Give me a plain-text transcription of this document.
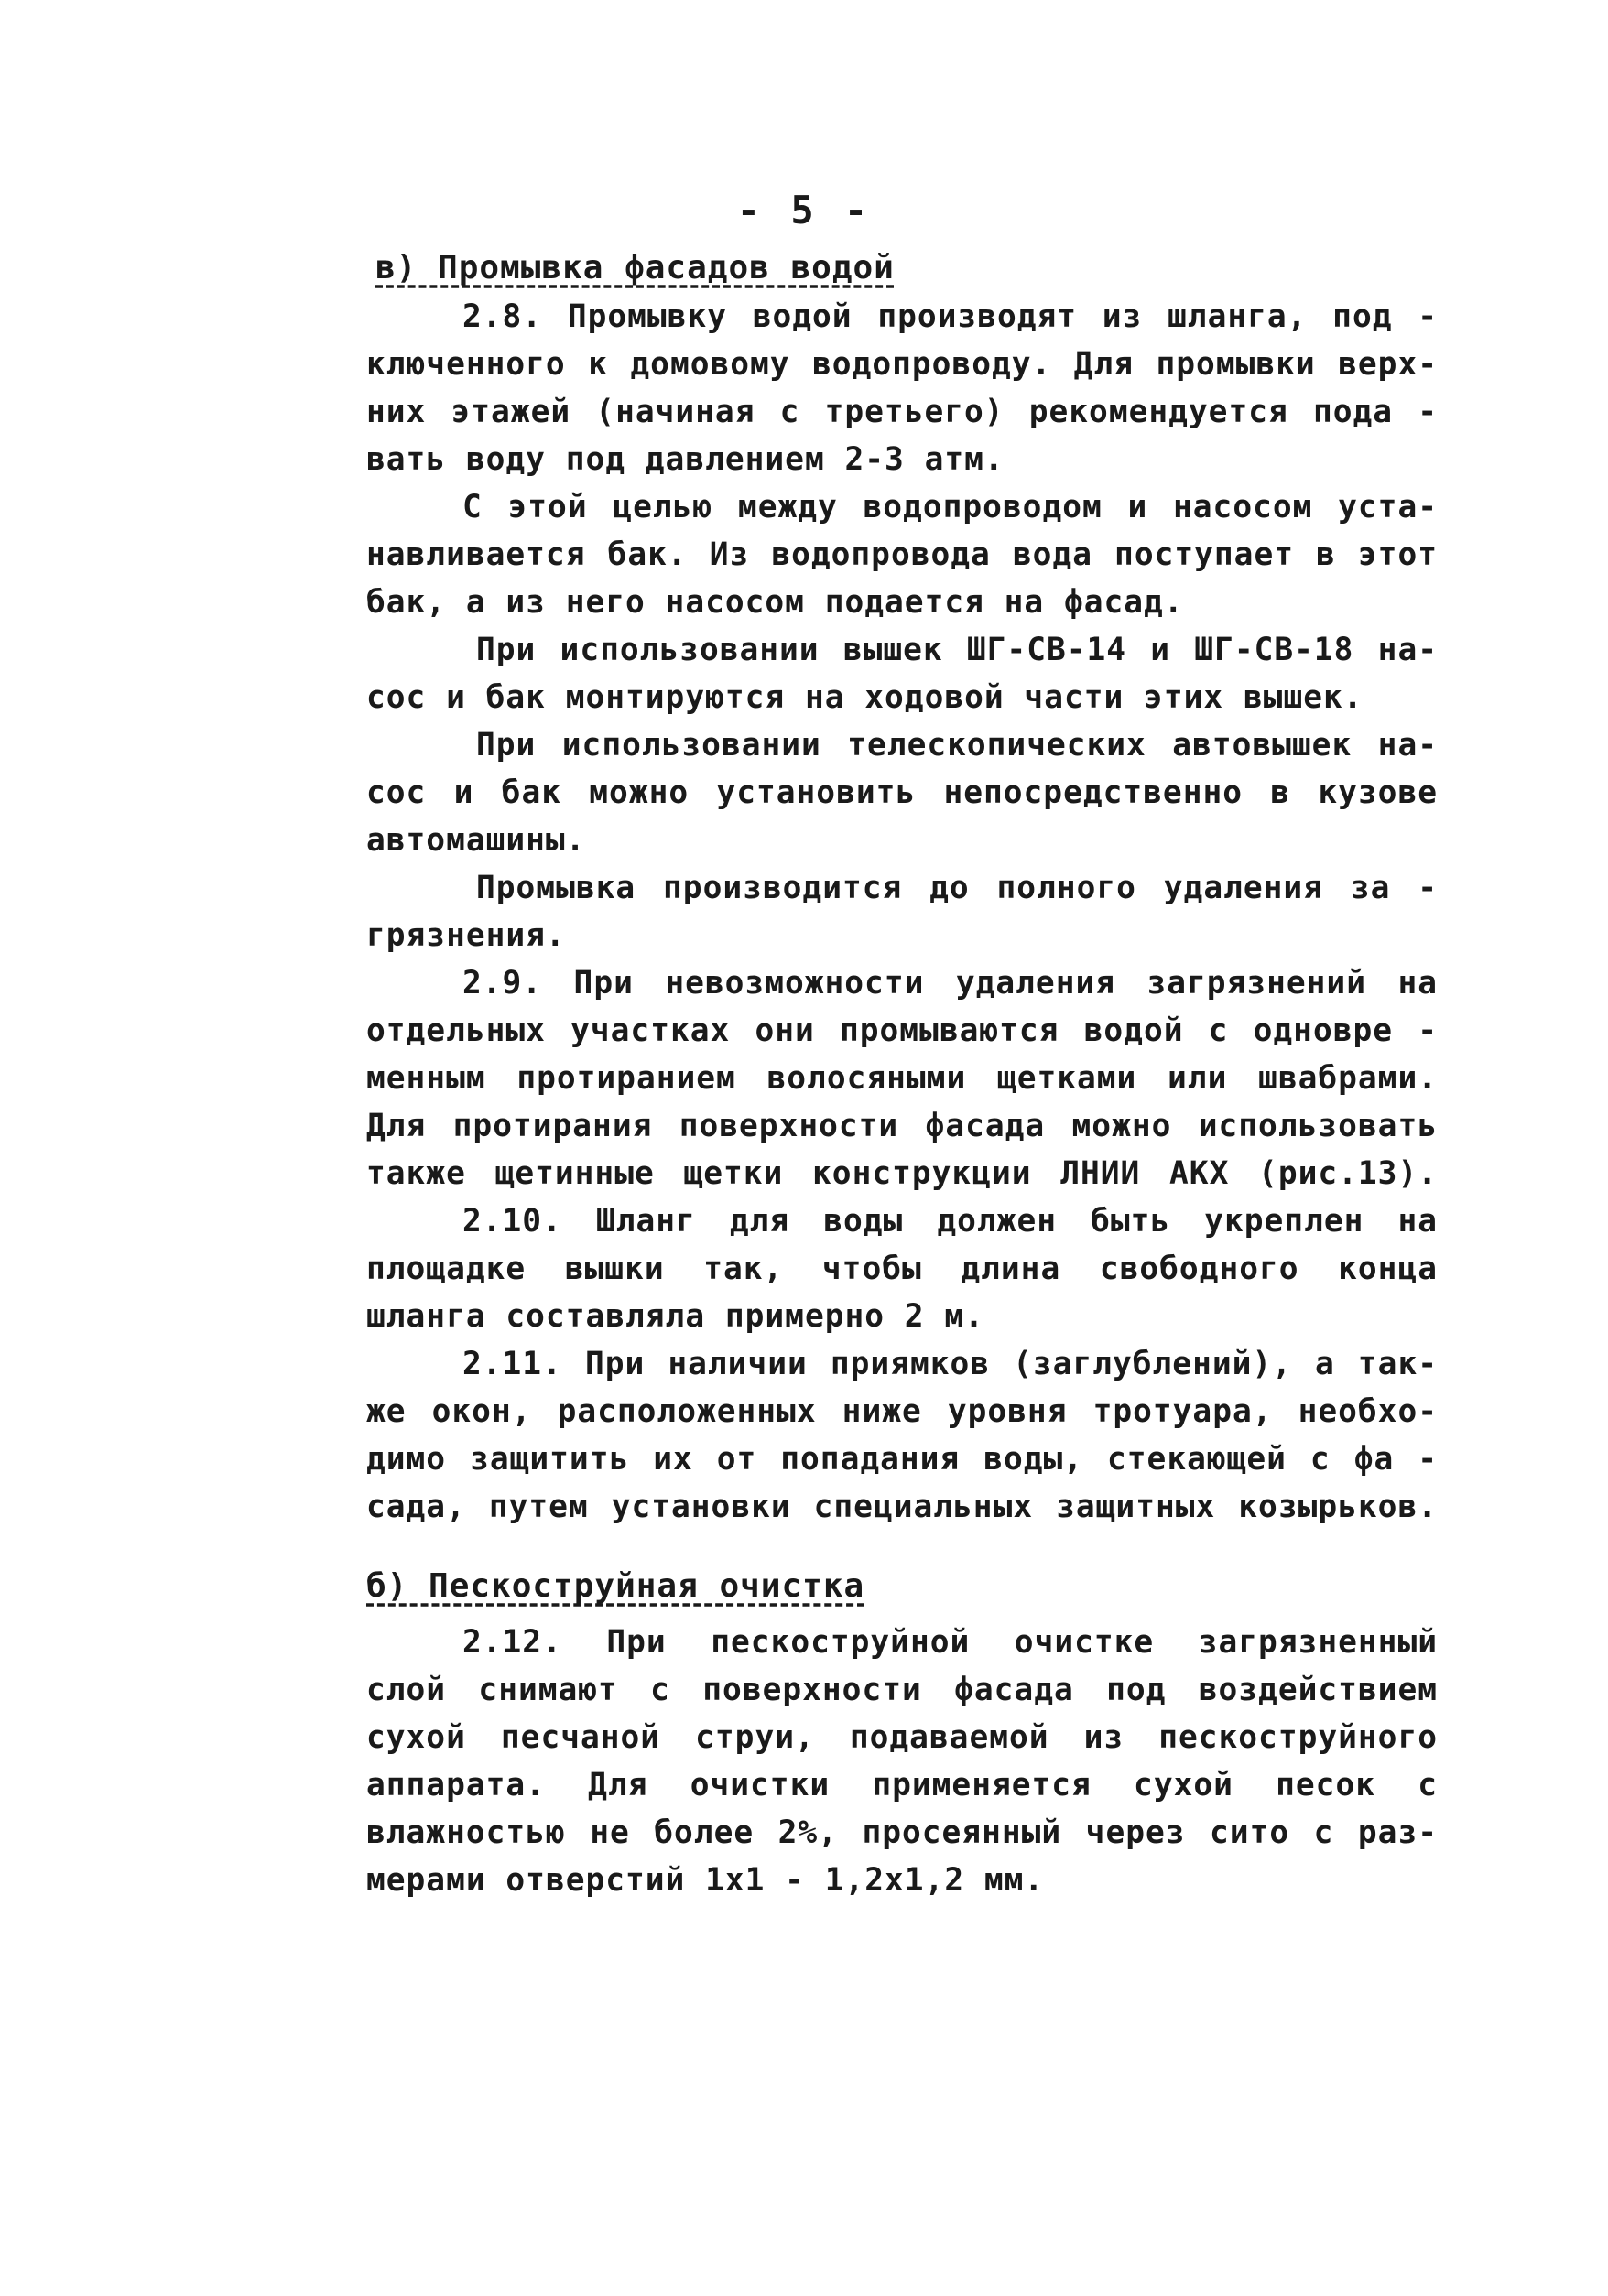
- 5 -
в) Промывка фасадов водой
2.8. Промывку водой производят из шланга, под -
ключенного к домовому водопроводу. Для промывки верх-
них этажей (начиная с третьего) рекомендуется пода -
вать воду под давлением 2-3 атм.
С этой целью между водопроводом и насосом уста-
навливается бак. Из водопровода вода поступает в этот
бак, а из него насосом подается на фасад.
При использовании вышек ШГ-СВ-14 и ШГ-СВ-18 на-
сос и бак монтируются на ходовой части этих вышек.
При использовании телескопических автовышек на-
сос и бак можно установить непосредственно в кузове
автомашины.
Промывка производится до полного удаления за -
грязнения.
2.9. При невозможности удаления загрязнений на
отдельных участках они промываются водой с одновре -
менным протиранием волосяными щетками или швабрами.
Для протирания поверхности фасада можно использовать
также щетинные щетки конструкции ЛНИИ АКХ (рис.13).
2.10. Шланг для воды должен быть укреплен на
площадке вышки так, чтобы длина свободного конца
шланга составляла примерно 2 м.
2.11. При наличии приямков (заглублений), а так-
же окон, расположенных ниже уровня тротуара, необхо-
димо защитить их от попадания воды, стекающей с фа -
сада, путем установки специальных защитных козырьков.
б) Пескоструйная очистка
2.12. При пескоструйной очистке загрязненный
слой снимают с поверхности фасада под воздействием
сухой песчаной струи, подаваемой из пескоструйного
аппарата. Для очистки применяется сухой песок с
влажностью не более 2%, просеянный через сито с раз-
мерами отверстий 1x1 - 1,2x1,2 мм.
